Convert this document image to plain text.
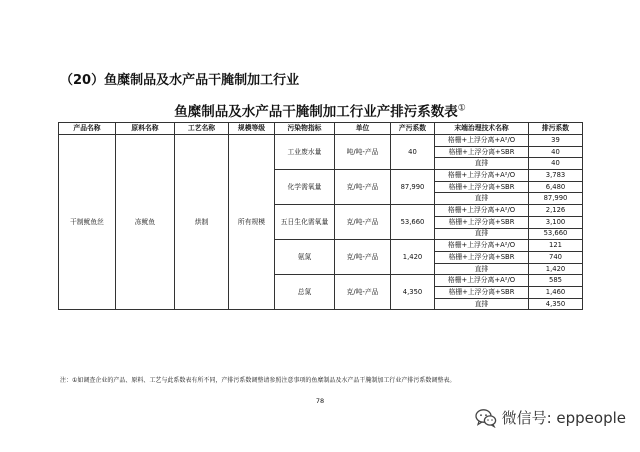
（20）鱼糜制品及水产品干腌制加工行业
鱼糜制品及水产品干腌制加工行业产排污系数表①
产品名称	原料名称	工艺名称	规模等级	污染物指标	单位	产污系数	末端治理技术名称	排污系数
干制鱿鱼丝	冻鱿鱼	烘制	所有规模	工业废水量	吨/吨-产品	40	格栅+上浮分离+A²/O	39
							格栅+上浮分离+SBR	40
							直排	40
				化学需氧量	克/吨-产品	87,990	格栅+上浮分离+A²/O	3,783
							格栅+上浮分离+SBR	6,480
							直排	87,990
				五日生化需氧量	克/吨-产品	53,660	格栅+上浮分离+A²/O	2,126
							格栅+上浮分离+SBR	3,100
							直排	53,660
				氨氮	克/吨-产品	1,420	格栅+上浮分离+A²/O	121
							格栅+上浮分离+SBR	740
							直排	1,420
				总氮	克/吨-产品	4,350	格栅+上浮分离+A²/O	585
							格栅+上浮分离+SBR	1,460
							直排	4,350
注：①如调查企业的产品、原料、工艺与此系数表有所不同，产排污系数调整请参照注意事项的鱼糜制品及水产品干腌制加工行业产排污系数调整表。
78
微信号: eppeople
